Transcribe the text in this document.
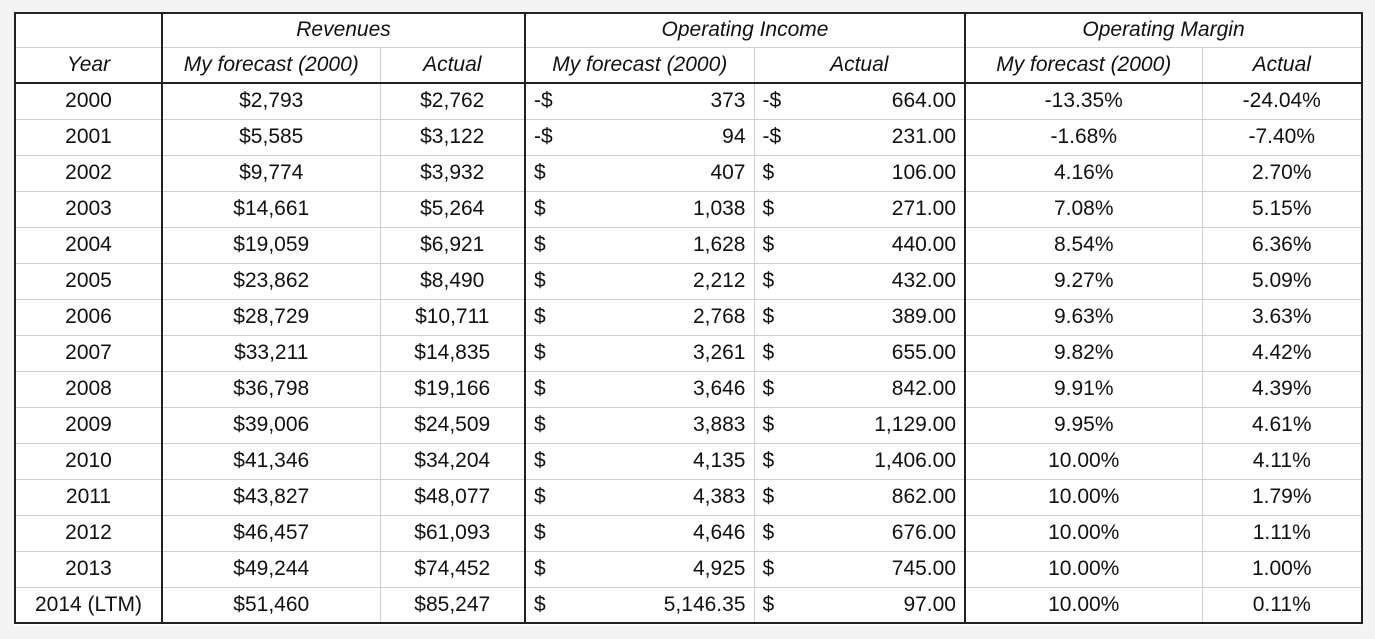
	Revenues		Operating Income		Operating Margin	
Year	My forecast (2000)	Actual	My forecast (2000)	Actual	My forecast (2000)	Actual
2000	$2,793	$2,762	-$ 373	-$ 664.00	-13.35%	-24.04%
2001	$5,585	$3,122	-$ 94	-$ 231.00	-1.68%	-7.40%
2002	$9,774	$3,932	$ 407	$ 106.00	4.16%	2.70%
2003	$14,661	$5,264	$ 1,038	$ 271.00	7.08%	5.15%
2004	$19,059	$6,921	$ 1,628	$ 440.00	8.54%	6.36%
2005	$23,862	$8,490	$ 2,212	$ 432.00	9.27%	5.09%
2006	$28,729	$10,711	$ 2,768	$ 389.00	9.63%	3.63%
2007	$33,211	$14,835	$ 3,261	$ 655.00	9.82%	4.42%
2008	$36,798	$19,166	$ 3,646	$ 842.00	9.91%	4.39%
2009	$39,006	$24,509	$ 3,883	$ 1,129.00	9.95%	4.61%
2010	$41,346	$34,204	$ 4,135	$ 1,406.00	10.00%	4.11%
2011	$43,827	$48,077	$ 4,383	$ 862.00	10.00%	1.79%
2012	$46,457	$61,093	$ 4,646	$ 676.00	10.00%	1.11%
2013	$49,244	$74,452	$ 4,925	$ 745.00	10.00%	1.00%
2014 (LTM)	$51,460	$85,247	$ 5,146.35	$ 97.00	10.00%	0.11%
